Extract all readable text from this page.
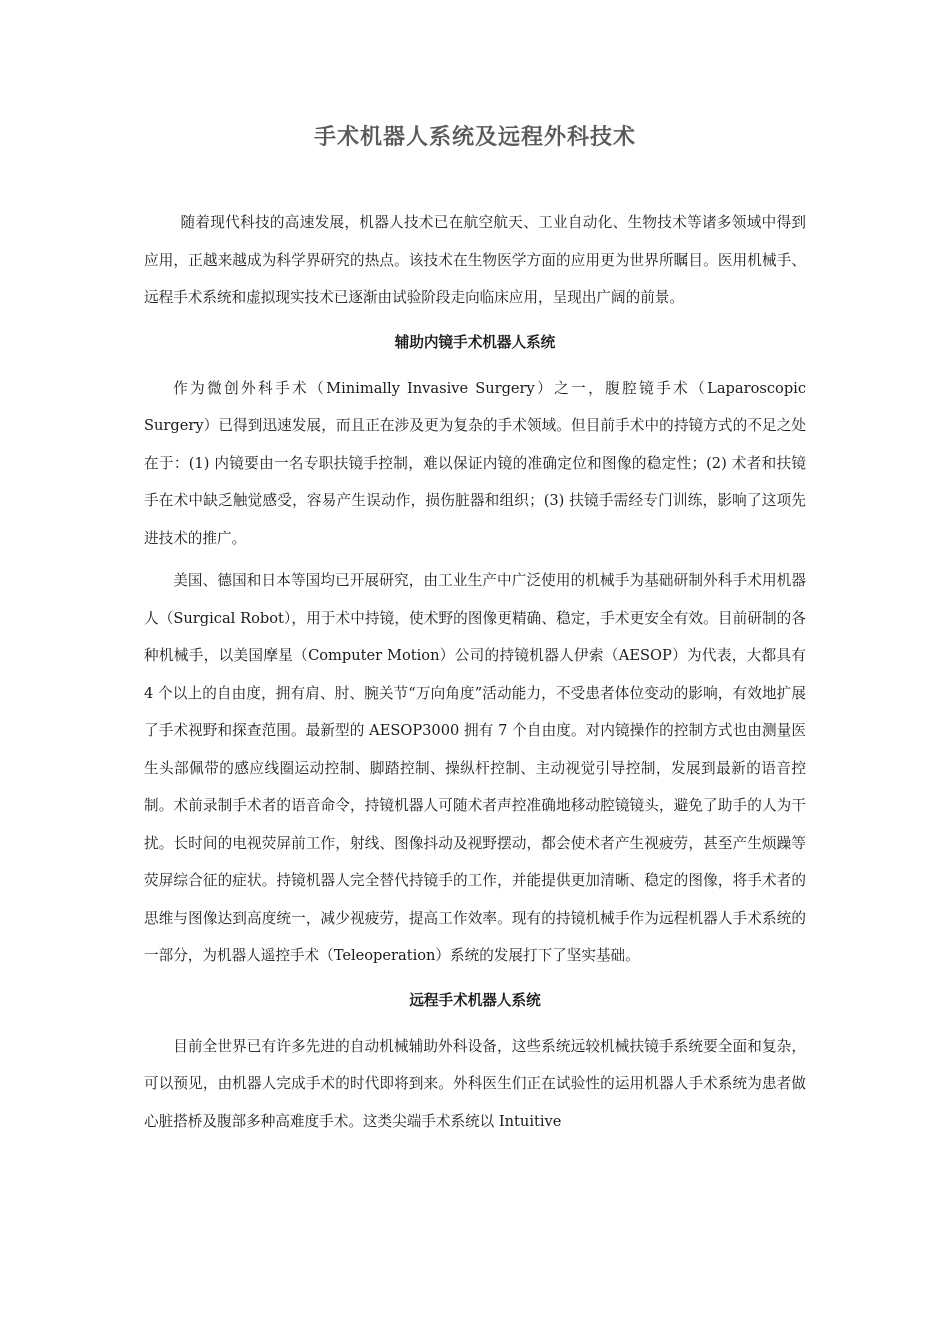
手术机器人系统及远程外科技术

随着现代科技的高速发展，机器人技术已在航空航天、工业自动化、生物技术等诸多领域中得到应用，正越来越成为科学界研究的热点。该技术在生物医学方面的应用更为世界所瞩目。医用机械手、远程手术系统和虚拟现实技术已逐渐由试验阶段走向临床应用，呈现出广阔的前景。

辅助内镜手术机器人系统

作为微创外科手术（Minimally Invasive Surgery）之一，腹腔镜手术（Laparoscopic Surgery）已得到迅速发展，而且正在涉及更为复杂的手术领域。但目前手术中的持镜方式的不足之处在于：(1) 内镜要由一名专职扶镜手控制，难以保证内镜的准确定位和图像的稳定性；(2) 术者和扶镜手在术中缺乏触觉感受，容易产生误动作，损伤脏器和组织；(3) 扶镜手需经专门训练，影响了这项先进技术的推广。

美国、德国和日本等国均已开展研究，由工业生产中广泛使用的机械手为基础研制外科手术用机器人（Surgical Robot），用于术中持镜，使术野的图像更精确、稳定，手术更安全有效。目前研制的各种机械手，以美国摩星（Computer Motion）公司的持镜机器人伊索（AESOP）为代表，大都具有 4 个以上的自由度，拥有肩、肘、腕关节“万向角度”活动能力，不受患者体位变动的影响，有效地扩展了手术视野和探查范围。最新型的 AESOP3000 拥有 7 个自由度。对内镜操作的控制方式也由测量医生头部佩带的感应线圈运动控制、脚踏控制、操纵杆控制、主动视觉引导控制，发展到最新的语音控制。术前录制手术者的语音命令，持镜机器人可随术者声控准确地移动腔镜镜头，避免了助手的人为干扰。长时间的电视荧屏前工作，射线、图像抖动及视野摆动，都会使术者产生视疲劳，甚至产生烦躁等荧屏综合征的症状。持镜机器人完全替代持镜手的工作，并能提供更加清晰、稳定的图像，将手术者的思维与图像达到高度统一，减少视疲劳，提高工作效率。现有的持镜机械手作为远程机器人手术系统的一部分，为机器人遥控手术（Teleoperation）系统的发展打下了坚实基础。

远程手术机器人系统

目前全世界已有许多先进的自动机械辅助外科设备，这些系统远较机械扶镜手系统要全面和复杂，可以预见，由机器人完成手术的时代即将到来。外科医生们正在试验性的运用机器人手术系统为患者做心脏搭桥及腹部多种高难度手术。这类尖端手术系统以 Intuitive
